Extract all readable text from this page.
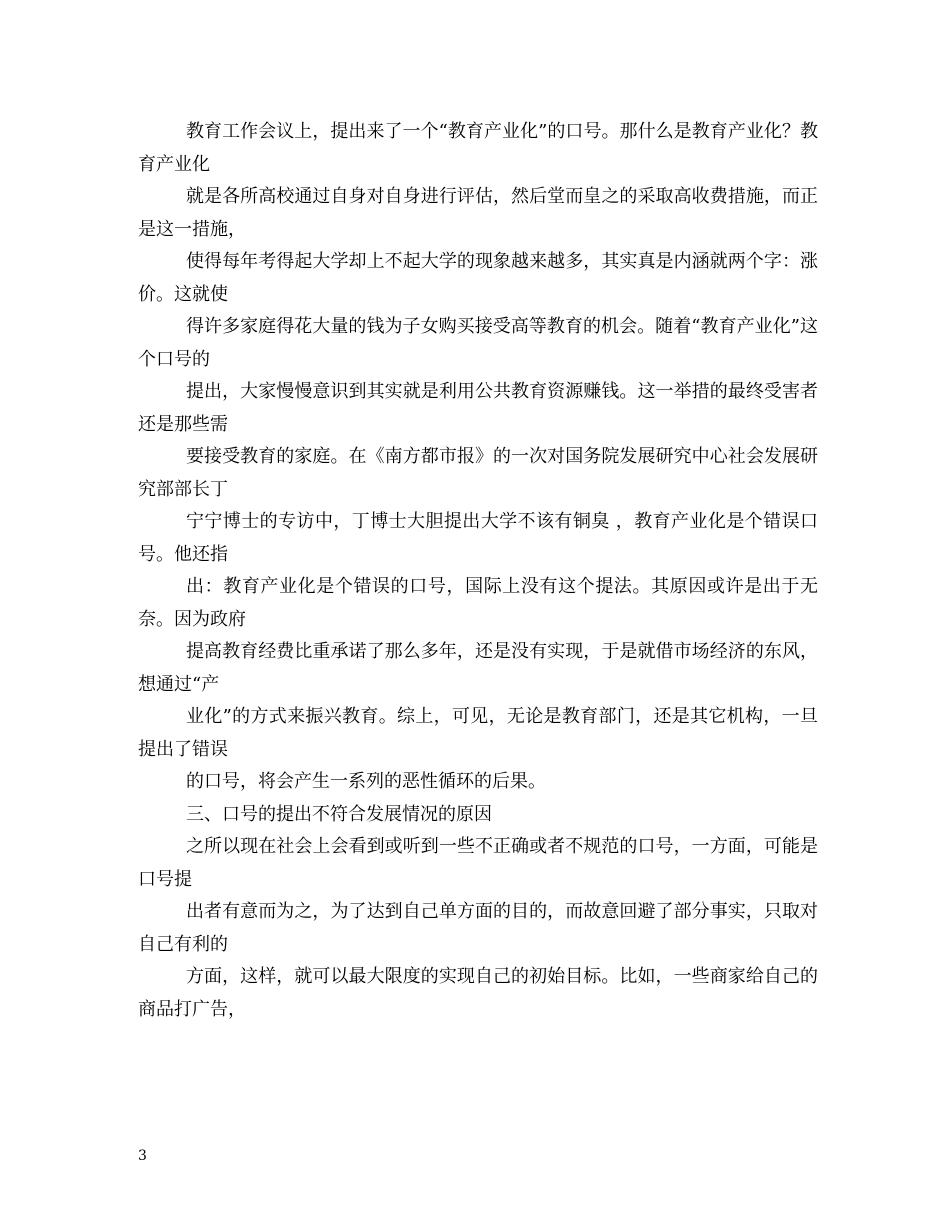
教育工作会议上，提出来了一个“教育产业化”的口号。那什么是教育产业化？教育产业化

就是各所高校通过自身对自身进行评估，然后堂而皇之的采取高收费措施，而正是这一措施，

使得每年考得起大学却上不起大学的现象越来越多，其实真是内涵就两个字：涨价。这就使

得许多家庭得花大量的钱为子女购买接受高等教育的机会。随着“教育产业化”这个口号的

提出，大家慢慢意识到其实就是利用公共教育资源赚钱。这一举措的最终受害者还是那些需

要接受教育的家庭。在《南方都市报》的一次对国务院发展研究中心社会发展研究部部长丁

宁宁博士的专访中，丁博士大胆提出大学不该有铜臭 ，教育产业化是个错误口号。他还指

出：教育产业化是个错误的口号，国际上没有这个提法。其原因或许是出于无奈。因为政府

提高教育经费比重承诺了那么多年，还是没有实现，于是就借市场经济的东风，想通过“产

业化”的方式来振兴教育。综上，可见，无论是教育部门，还是其它机构，一旦提出了错误

的口号，将会产生一系列的恶性循环的后果。

三、口号的提出不符合发展情况的原因

之所以现在社会上会看到或听到一些不正确或者不规范的口号，一方面，可能是口号提

出者有意而为之，为了达到自己单方面的目的，而故意回避了部分事实，只取对自己有利的

方面，这样，就可以最大限度的实现自己的初始目标。比如，一些商家给自己的商品打广告，

3
